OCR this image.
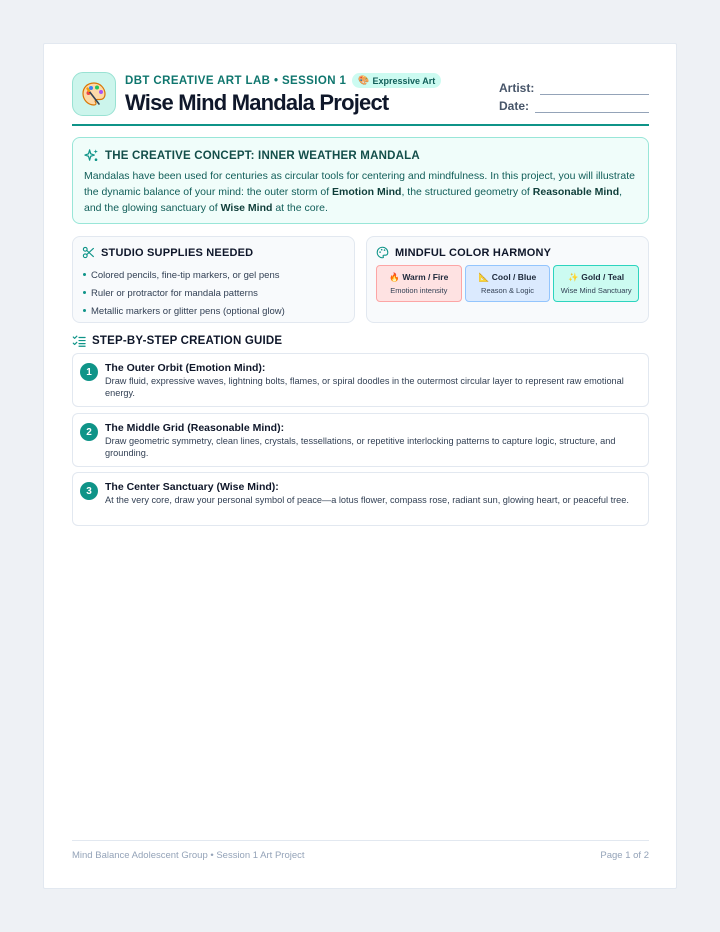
DBT CREATIVE ART LAB • SESSION 1 🎨 Expressive Art
Wise Mind Mandala Project
Artist:
Date:
THE CREATIVE CONCEPT: INNER WEATHER MANDALA

Mandalas have been used for centuries as circular tools for centering and mindfulness. In this project, you will illustrate the dynamic balance of your mind: the outer storm of Emotion Mind, the structured geometry of Reasonable Mind, and the glowing sanctuary of Wise Mind at the core.

STUDIO SUPPLIES NEEDED
Colored pencils, fine-tip markers, or gel pens
Ruler or protractor for mandala patterns
Metallic markers or glitter pens (optional glow)
MINDFUL COLOR HARMONY
🔥 Warm / Fire
Emotion intensity
📐 Cool / Blue
Reason & Logic
✨ Gold / Teal
Wise Mind Sanctuary
STEP-BY-STEP CREATION GUIDE
1	The Outer Orbit (Emotion Mind):
Draw fluid, expressive waves, lightning bolts, flames, or spiral doodles in the outermost circular layer to represent raw emotional energy.
2	The Middle Grid (Reasonable Mind):
Draw geometric symmetry, clean lines, crystals, tessellations, or repetitive interlocking patterns to capture logic, structure, and grounding.
3	The Center Sanctuary (Wise Mind):
At the very core, draw your personal symbol of peace—a lotus flower, compass rose, radiant sun, glowing heart, or peaceful tree.
Mind Balance Adolescent Group • Session 1 Art Project	Page 1 of 2
